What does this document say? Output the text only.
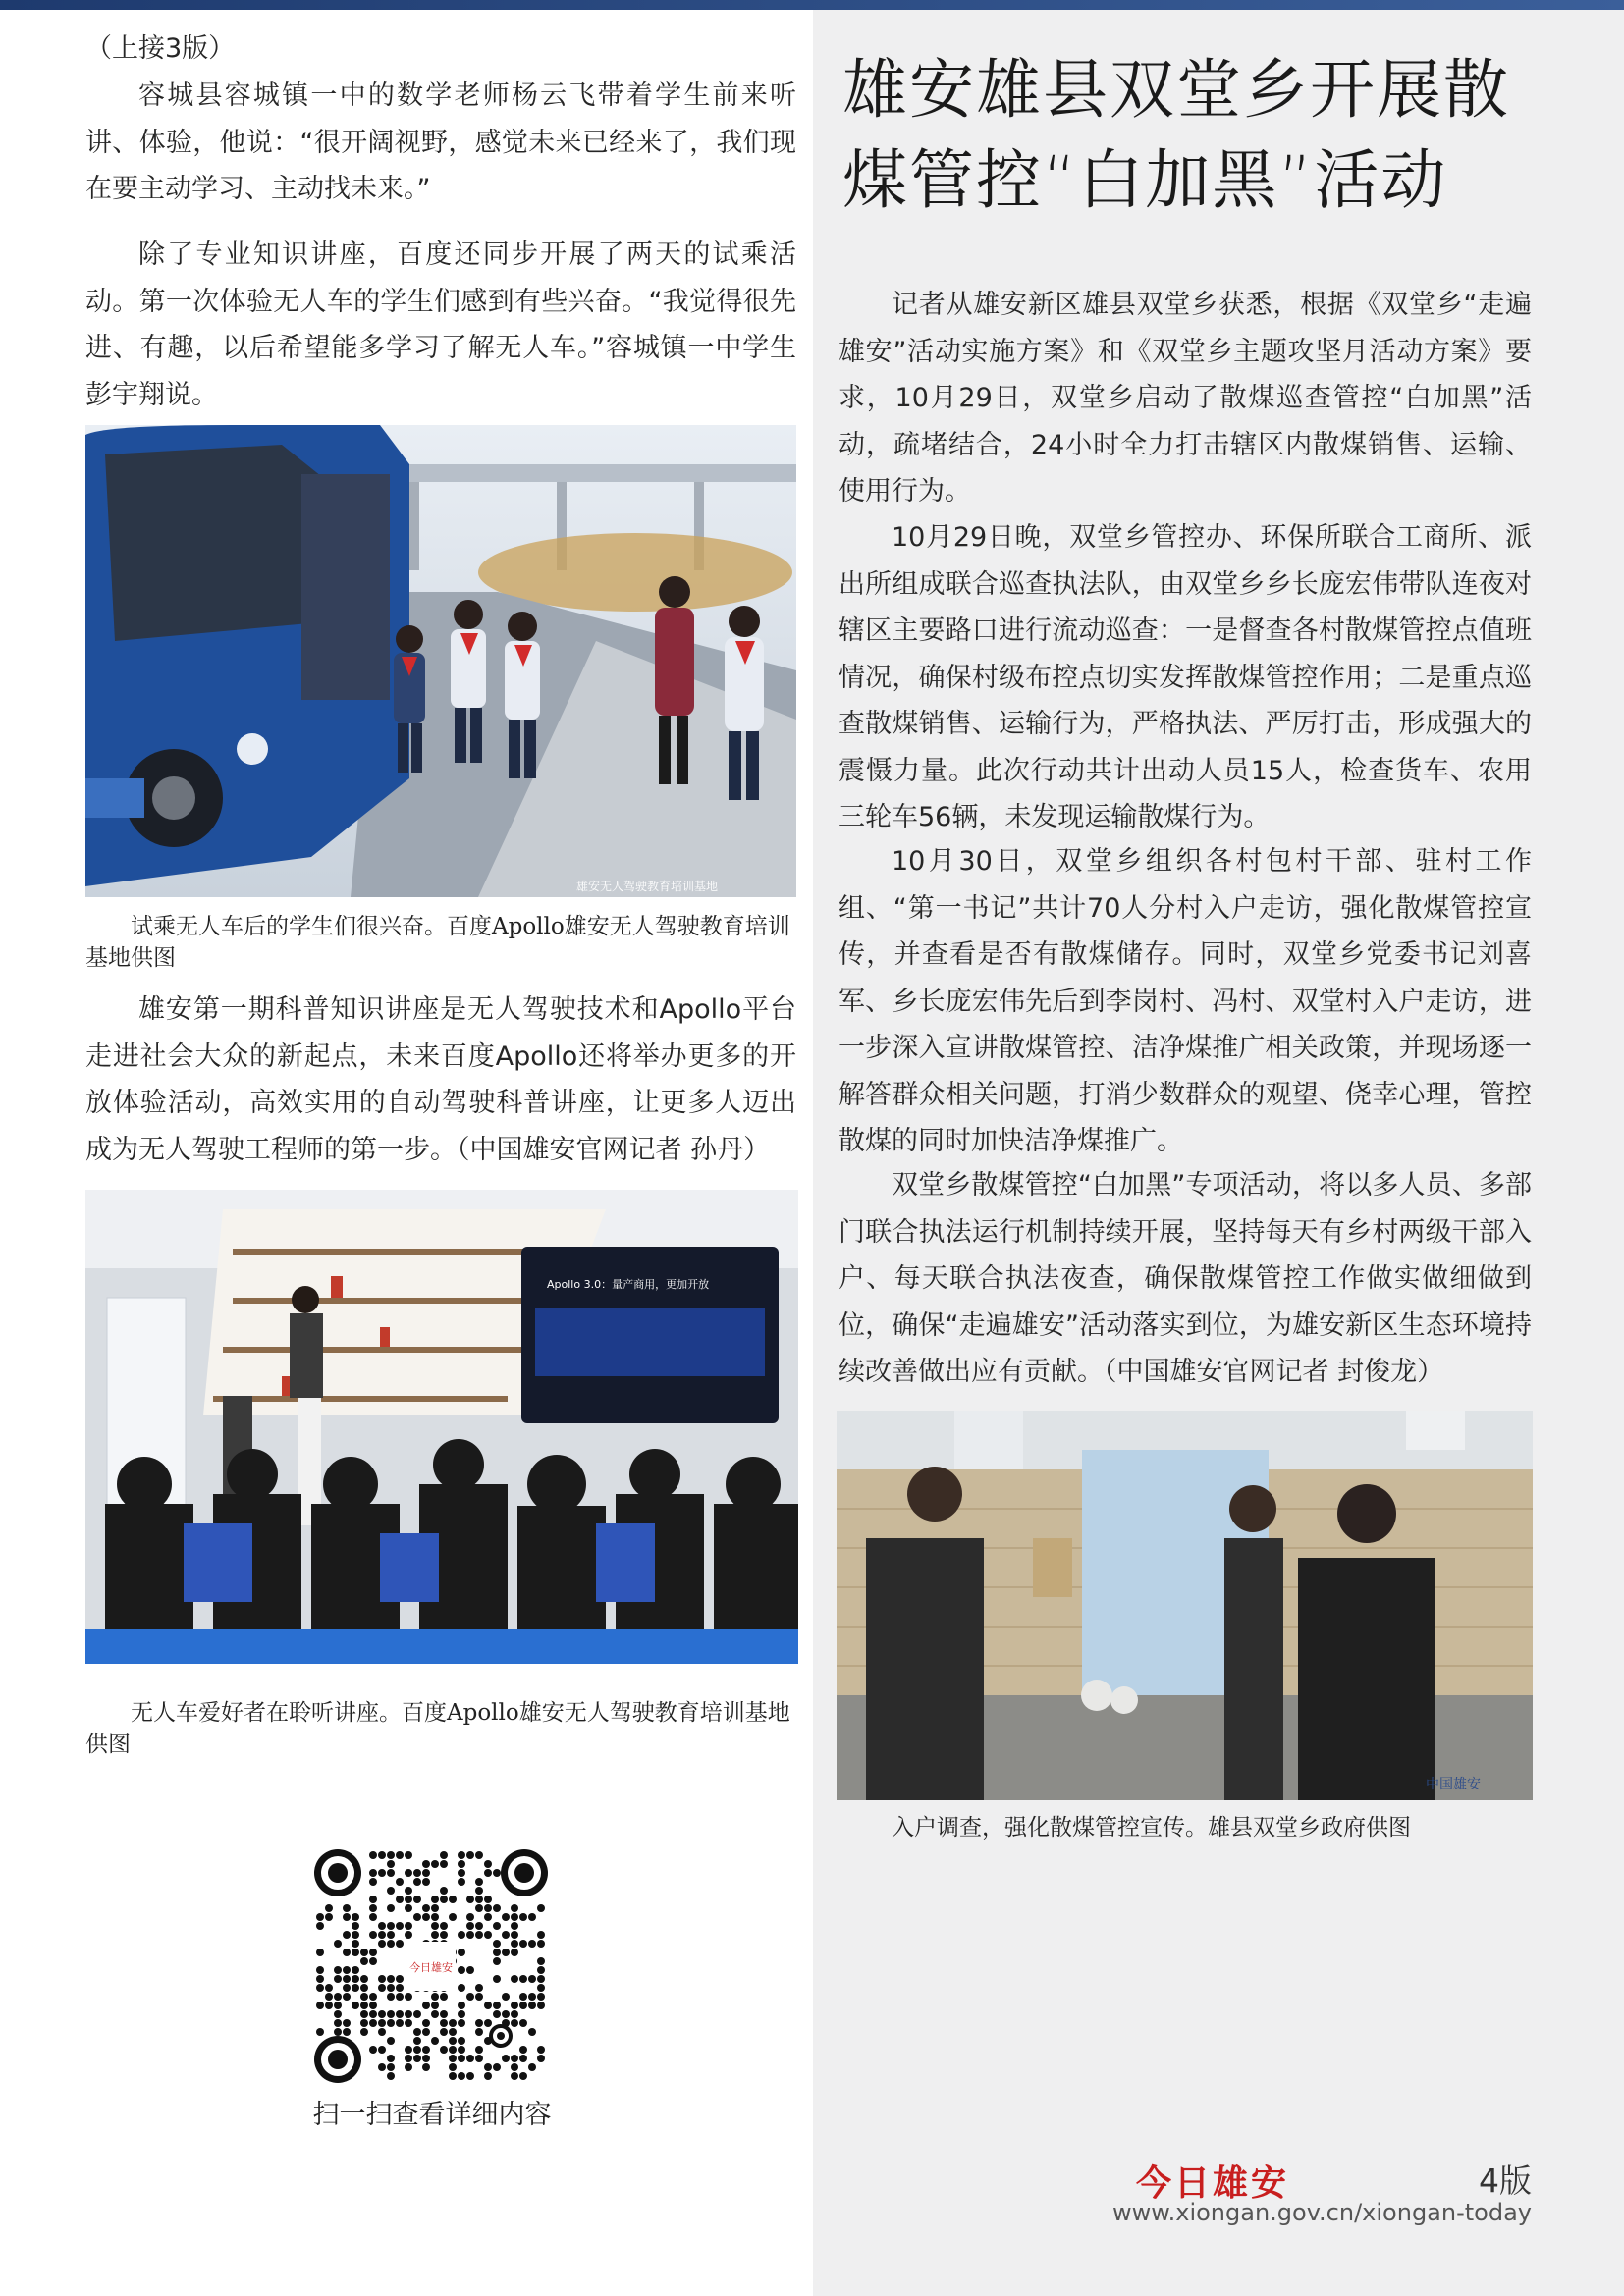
（上接3版）

容城县容城镇一中的数学老师杨云飞带着学生前来听讲、体验，他说：“很开阔视野，感觉未来已经来了，我们现在要主动学习、主动找未来。”

除了专业知识讲座，百度还同步开展了两天的试乘活动。第一次体验无人车的学生们感到有些兴奋。“我觉得很先进、有趣，以后希望能多学习了解无人车。”容城镇一中学生彭宇翔说。

雄安无人驾驶教育培训基地

试乘无人车后的学生们很兴奋。百度Apollo雄安无人驾驶教育培训基地供图

雄安第一期科普知识讲座是无人驾驶技术和Apollo平台走进社会大众的新起点，未来百度Apollo还将举办更多的开放体验活动，高效实用的自动驾驶科普讲座，让更多人迈出成为无人驾驶工程师的第一步。（中国雄安官网记者 孙丹）

Apollo 3.0：量产商用，更加开放

无人车爱好者在聆听讲座。百度Apollo雄安无人驾驶教育培训基地供图

今日雄安

扫一扫查看详细内容

雄安雄县双堂乡开展散
煤管控“白加黑”活动

记者从雄安新区雄县双堂乡获悉，根据《双堂乡“走遍雄安”活动实施方案》和《双堂乡主题攻坚月活动方案》要求，10月29日，双堂乡启动了散煤巡查管控“白加黑”活动，疏堵结合，24小时全力打击辖区内散煤销售、运输、使用行为。

10月29日晚，双堂乡管控办、环保所联合工商所、派出所组成联合巡查执法队，由双堂乡乡长庞宏伟带队连夜对辖区主要路口进行流动巡查：一是督查各村散煤管控点值班情况，确保村级布控点切实发挥散煤管控作用；二是重点巡查散煤销售、运输行为，严格执法、严厉打击，形成强大的震慑力量。此次行动共计出动人员15人，检查货车、农用三轮车56辆，未发现运输散煤行为。

10月30日，双堂乡组织各村包村干部、驻村工作组、“第一书记”共计70人分村入户走访，强化散煤管控宣传，并查看是否有散煤储存。同时，双堂乡党委书记刘喜军、乡长庞宏伟先后到李岗村、冯村、双堂村入户走访，进一步深入宣讲散煤管控、洁净煤推广相关政策，并现场逐一解答群众相关问题，打消少数群众的观望、侥幸心理，管控散煤的同时加快洁净煤推广。

双堂乡散煤管控“白加黑”专项活动，将以多人员、多部门联合执法运行机制持续开展，坚持每天有乡村两级干部入户、每天联合执法夜查，确保散煤管控工作做实做细做到位，确保“走遍雄安”活动落实到位，为雄安新区生态环境持续改善做出应有贡献。（中国雄安官网记者 封俊龙）

中国雄安

入户调查，强化散煤管控宣传。雄县双堂乡政府供图

今日雄安	4版

www.xiongan.gov.cn/xiongan-today
